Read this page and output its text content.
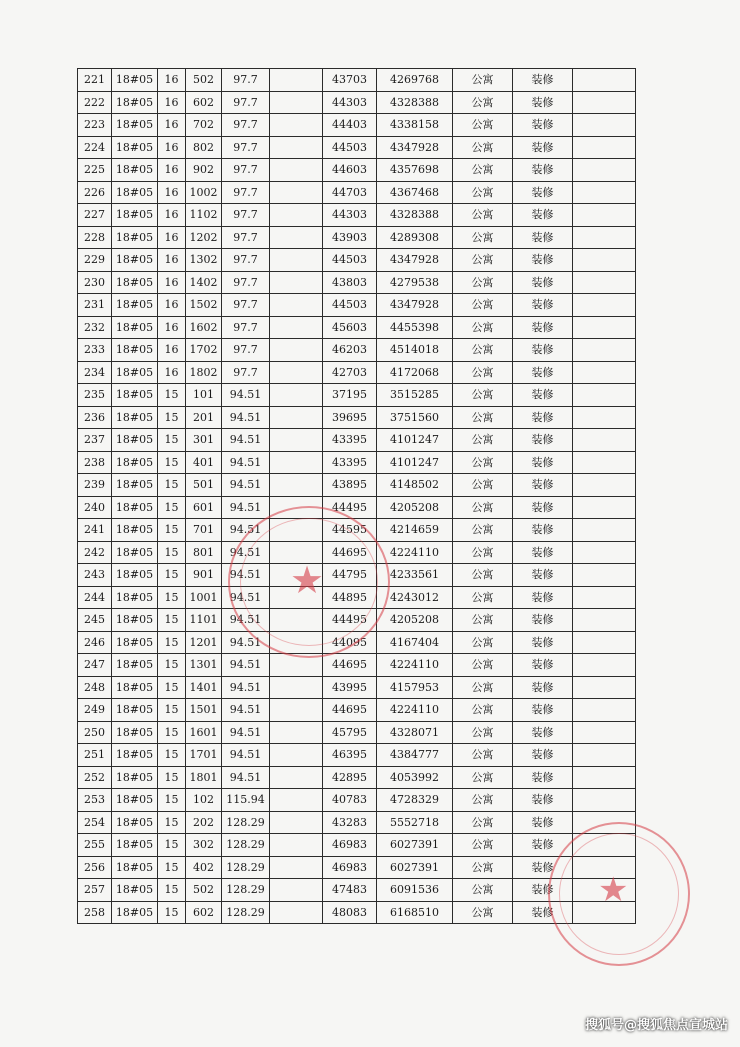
221	18#05	16	502	97.7		43703	4269768	公寓	装修	
222	18#05	16	602	97.7		44303	4328388	公寓	装修	
223	18#05	16	702	97.7		44403	4338158	公寓	装修	
224	18#05	16	802	97.7		44503	4347928	公寓	装修	
225	18#05	16	902	97.7		44603	4357698	公寓	装修	
226	18#05	16	1002	97.7		44703	4367468	公寓	装修	
227	18#05	16	1102	97.7		44303	4328388	公寓	装修	
228	18#05	16	1202	97.7		43903	4289308	公寓	装修	
229	18#05	16	1302	97.7		44503	4347928	公寓	装修	
230	18#05	16	1402	97.7		43803	4279538	公寓	装修	
231	18#05	16	1502	97.7		44503	4347928	公寓	装修	
232	18#05	16	1602	97.7		45603	4455398	公寓	装修	
233	18#05	16	1702	97.7		46203	4514018	公寓	装修	
234	18#05	16	1802	97.7		42703	4172068	公寓	装修	
235	18#05	15	101	94.51		37195	3515285	公寓	装修	
236	18#05	15	201	94.51		39695	3751560	公寓	装修	
237	18#05	15	301	94.51		43395	4101247	公寓	装修	
238	18#05	15	401	94.51		43395	4101247	公寓	装修	
239	18#05	15	501	94.51		43895	4148502	公寓	装修	
240	18#05	15	601	94.51		44495	4205208	公寓	装修	
241	18#05	15	701	94.51		44595	4214659	公寓	装修	
242	18#05	15	801	94.51		44695	4224110	公寓	装修	
243	18#05	15	901	94.51		44795	4233561	公寓	装修	
244	18#05	15	1001	94.51		44895	4243012	公寓	装修	
245	18#05	15	1101	94.51		44495	4205208	公寓	装修	
246	18#05	15	1201	94.51		44095	4167404	公寓	装修	
247	18#05	15	1301	94.51		44695	4224110	公寓	装修	
248	18#05	15	1401	94.51		43995	4157953	公寓	装修	
249	18#05	15	1501	94.51		44695	4224110	公寓	装修	
250	18#05	15	1601	94.51		45795	4328071	公寓	装修	
251	18#05	15	1701	94.51		46395	4384777	公寓	装修	
252	18#05	15	1801	94.51		42895	4053992	公寓	装修	
253	18#05	15	102	115.94		40783	4728329	公寓	装修	
254	18#05	15	202	128.29		43283	5552718	公寓	装修	
255	18#05	15	302	128.29		46983	6027391	公寓	装修	
256	18#05	15	402	128.29		46983	6027391	公寓	装修	
257	18#05	15	502	128.29		47483	6091536	公寓	装修	
258	18#05	15	602	128.29		48083	6168510	公寓	装修	
★
★
搜狐号@搜狐焦点宣城站
